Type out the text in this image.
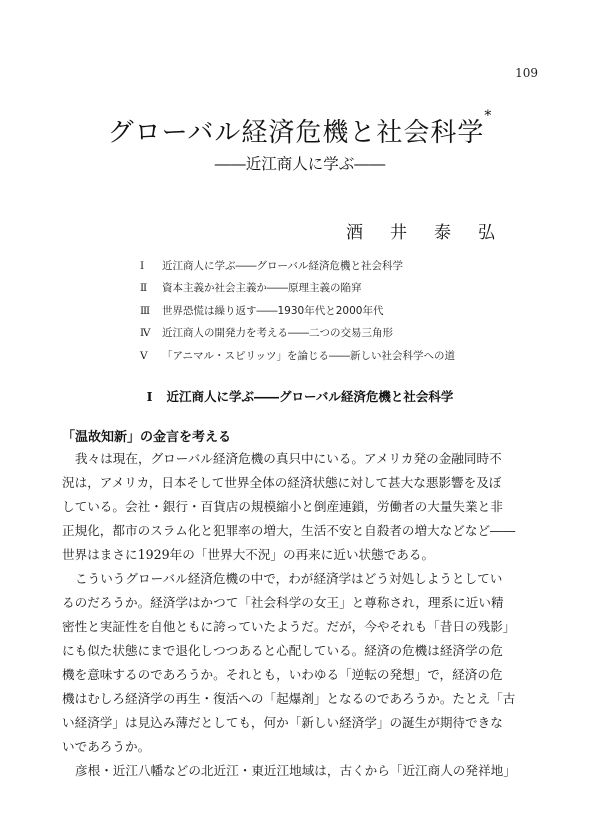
109
グローバル経済危機と社会科学*
――近江商人に学ぶ――
酒井泰弘
Ⅰ 近江商人に学ぶ――グローバル経済危機と社会科学
Ⅱ 資本主義か社会主義か――原理主義の陥穽
Ⅲ 世界恐慌は繰り返す――1930年代と2000年代
Ⅳ 近江商人の開発力を考える――二つの交易三角形
Ⅴ 「アニマル・スピリッツ」を論じる――新しい社会科学への道
Ⅰ 近江商人に学ぶ――グローバル経済危機と社会科学
「温故知新」の金言を考える
我々は現在，グローバル経済危機の真只中にいる。アメリカ発の金融同時不
況は，アメリカ，日本そして世界全体の経済状態に対して甚大な悪影響を及ぼ
している。会社・銀行・百貨店の規模縮小と倒産連鎖，労働者の大量失業と非
正規化，都市のスラム化と犯罪率の増大，生活不安と自殺者の増大などなど――
世界はまさに1929年の「世界大不況」の再来に近い状態である。
こういうグローバル経済危機の中で，わが経済学はどう対処しようとしてい
るのだろうか。経済学はかつて「社会科学の女王」と尊称され，理系に近い精
密性と実証性を自他ともに誇っていたようだ。だが，今やそれも「昔日の残影」
にも似た状態にまで退化しつつあると心配している。経済の危機は経済学の危
機を意味するのであろうか。それとも，いわゆる「逆転の発想」で，経済の危
機はむしろ経済学の再生・復活への「起爆剤」となるのであろうか。たとえ「古
い経済学」は見込み薄だとしても，何か「新しい経済学」の誕生が期待できな
いであろうか。
彦根・近江八幡などの北近江・東近江地域は，古くから「近江商人の発祥地」
